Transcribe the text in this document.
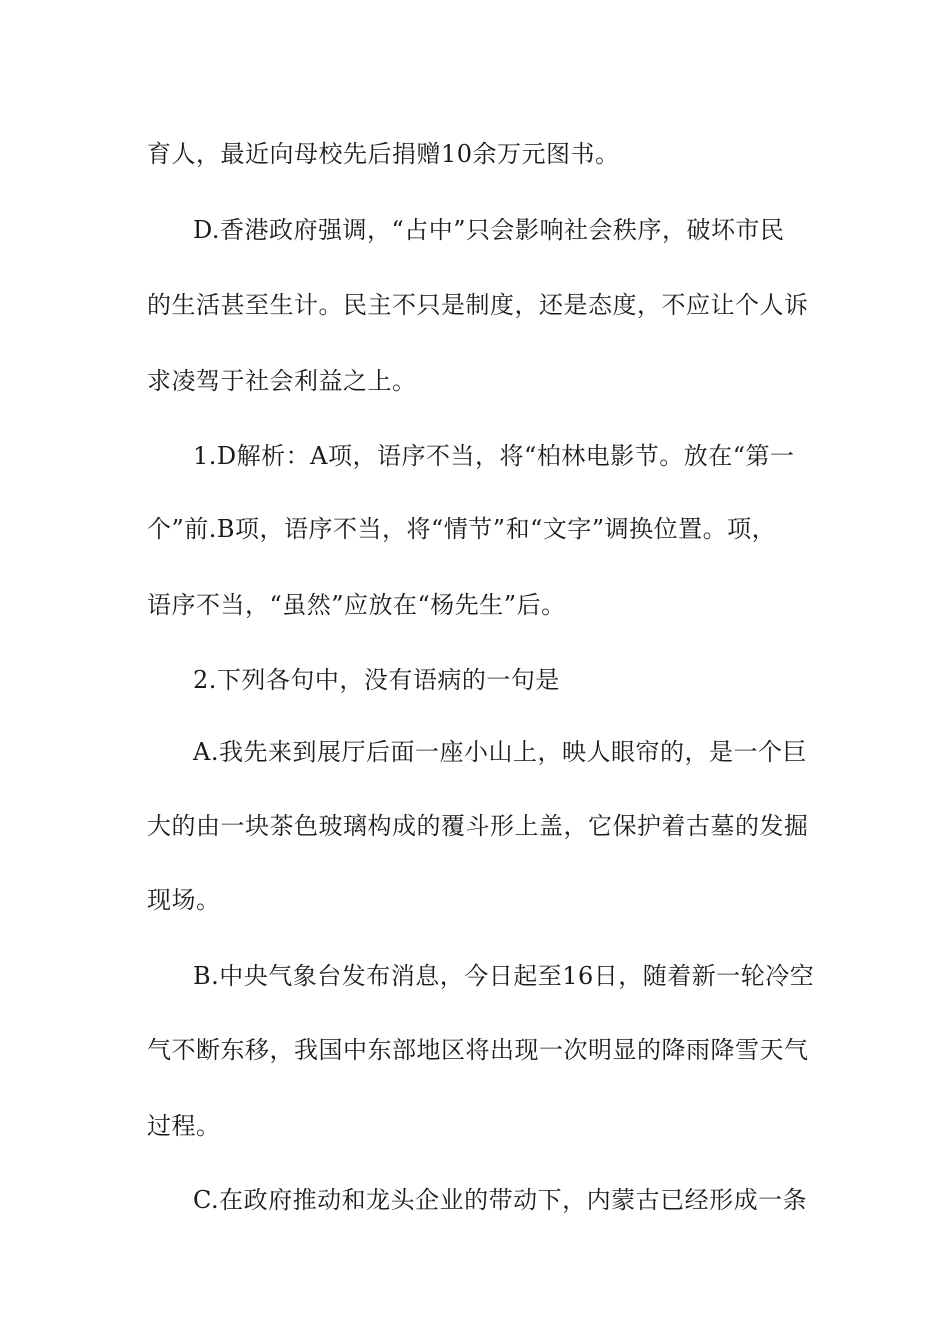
育人，最近向母校先后捐赠10余万元图书。
D.香港政府强调，“占中”只会影响社会秩序，破坏市民
的生活甚至生计。民主不只是制度，还是态度，不应让个人诉
求凌驾于社会利益之上。
1.D解析：A项，语序不当，将“柏林电影节。放在“第一
个”前.B项，语序不当，将“情节”和“文字”调换位置。项，
语序不当，“虽然”应放在“杨先生”后。
2.下列各句中，没有语病的一句是
A.我先来到展厅后面一座小山上，映人眼帘的，是一个巨
大的由一块茶色玻璃构成的覆斗形上盖，它保护着古墓的发掘
现场。
B.中央气象台发布消息，今日起至16日，随着新一轮冷空
气不断东移，我国中东部地区将出现一次明显的降雨降雪天气
过程。
C.在政府推动和龙头企业的带动下，内蒙古已经形成一条
